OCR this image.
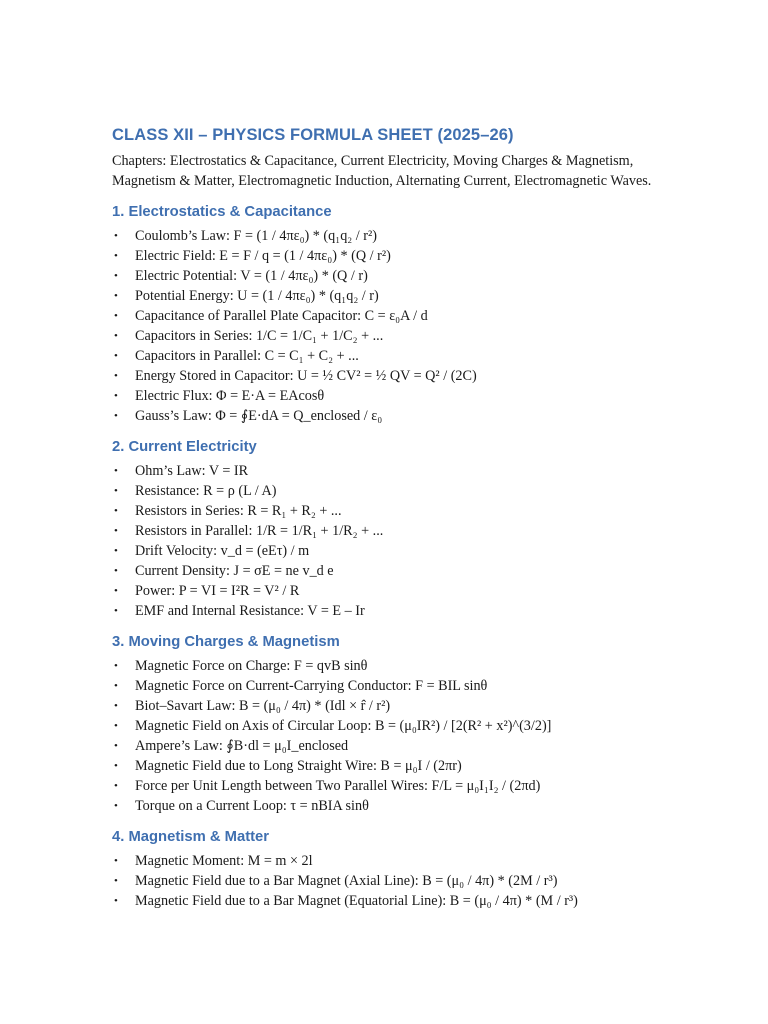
CLASS XII – PHYSICS FORMULA SHEET (2025–26)

Chapters: Electrostatics & Capacitance, Current Electricity, Moving Charges & Magnetism, Magnetism & Matter, Electromagnetic Induction, Alternating Current, Electromagnetic Waves.

1. Electrostatics & Capacitance
• Coulomb’s Law: F = (1 / 4πε₀) * (q₁q₂ / r²)
• Electric Field: E = F / q = (1 / 4πε₀) * (Q / r²)
• Electric Potential: V = (1 / 4πε₀) * (Q / r)
• Potential Energy: U = (1 / 4πε₀) * (q₁q₂ / r)
• Capacitance of Parallel Plate Capacitor: C = ε₀A / d
• Capacitors in Series: 1/C = 1/C₁ + 1/C₂ + ...
• Capacitors in Parallel: C = C₁ + C₂ + ...
• Energy Stored in Capacitor: U = ½ CV² = ½ QV = Q² / (2C)
• Electric Flux: Φ = E·A = EAcosθ
• Gauss’s Law: Φ = ∮E·dA = Q_enclosed / ε₀
2. Current Electricity
• Ohm’s Law: V = IR
• Resistance: R = ρ (L / A)
• Resistors in Series: R = R₁ + R₂ + ...
• Resistors in Parallel: 1/R = 1/R₁ + 1/R₂ + ...
• Drift Velocity: v_d = (eEτ) / m
• Current Density: J = σE = ne v_d e
• Power: P = VI = I²R = V² / R
• EMF and Internal Resistance: V = E – Ir
3. Moving Charges & Magnetism
• Magnetic Force on Charge: F = qvB sinθ
• Magnetic Force on Current-Carrying Conductor: F = BIL sinθ
• Biot–Savart Law: B = (μ₀ / 4π) * (Idl × r̂ / r²)
• Magnetic Field on Axis of Circular Loop: B = (μ₀IR²) / [2(R² + x²)^(3/2)]
• Ampere’s Law: ∮B·dl = μ₀I_enclosed
• Magnetic Field due to Long Straight Wire: B = μ₀I / (2πr)
• Force per Unit Length between Two Parallel Wires: F/L = μ₀I₁I₂ / (2πd)
• Torque on a Current Loop: τ = nBIA sinθ
4. Magnetism & Matter
• Magnetic Moment: M = m × 2l
• Magnetic Field due to a Bar Magnet (Axial Line): B = (μ₀ / 4π) * (2M / r³)
• Magnetic Field due to a Bar Magnet (Equatorial Line): B = (μ₀ / 4π) * (M / r³)
